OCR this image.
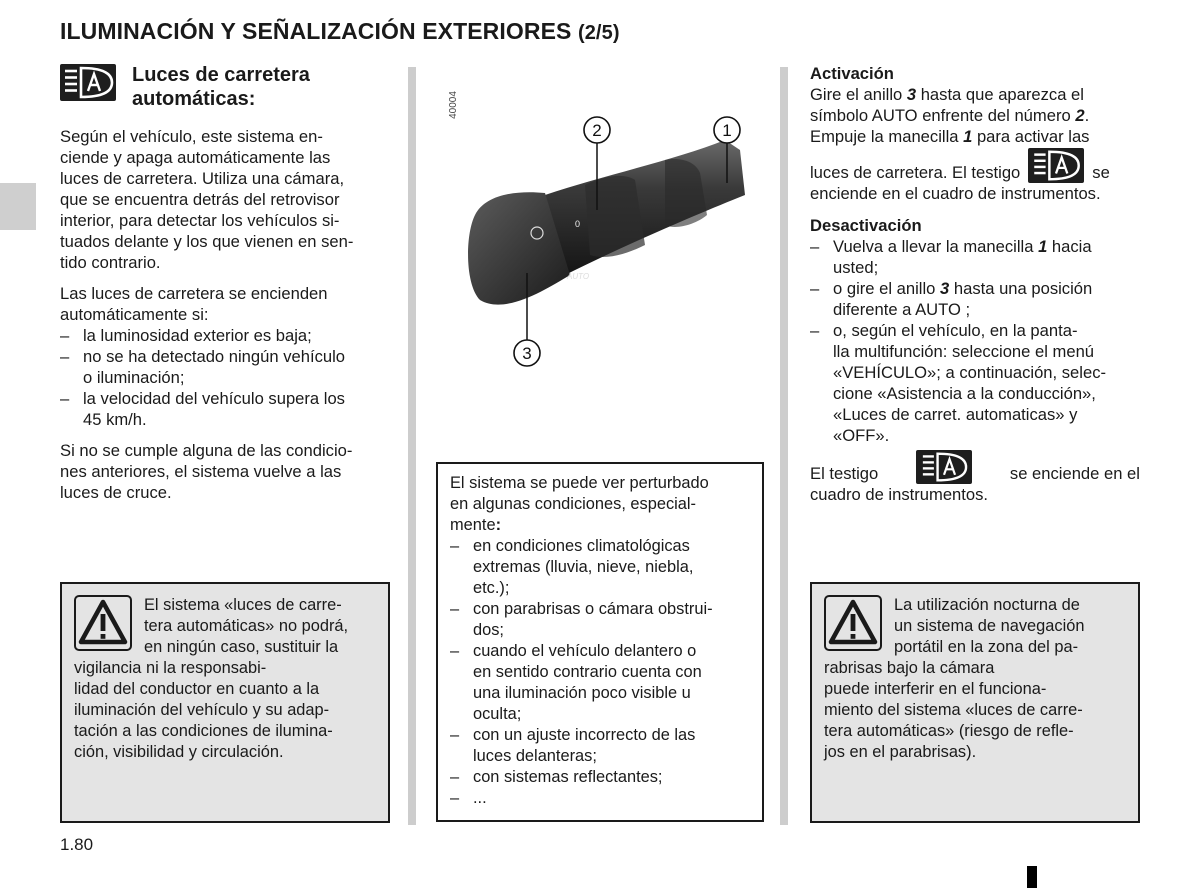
ILUMINACIÓN Y SEÑALIZACIÓN EXTERIORES (2/5)
Luces de carretera
automáticas:
Según el vehículo, este sistema en-
ciende y apaga automáticamente las
luces de carretera. Utiliza una cámara,
que se encuentra detrás del retrovisor
interior, para detectar los vehículos si-
tuados delante y los que vienen en sen-
tido contrario.
Las luces de carretera se encienden
automáticamente si:
– la luminosidad exterior es baja;
– no se ha detectado ningún vehículo
o iluminación;
– la velocidad del vehículo supera los
45 km/h.
Si no se cumple alguna de las condicio-
nes anteriores, el sistema vuelve a las
luces de cruce.
El sistema «luces de carre-
tera automáticas» no podrá,
en ningún caso, sustituir la
vigilancia ni la responsabi-
lidad del conductor en cuanto a la
iluminación del vehículo y su adap-
tación a las condiciones de ilumina-
ción, visibilidad y circulación.
40004
0
AUTO
2	1
3
El sistema se puede ver perturbado
en algunas condiciones, especial-
mente:
– en condiciones climatológicas
extremas (lluvia, nieve, niebla,
etc.);
– con parabrisas o cámara obstrui-
dos;
– cuando el vehículo delantero o
en sentido contrario cuenta con
una iluminación poco visible u
oculta;
– con un ajuste incorrecto de las
luces delanteras;
– con sistemas reflectantes;
– ...
Activación
Gire el anillo 3 hasta que aparezca el
símbolo AUTO enfrente del número 2.
Empuje la manecilla 1 para activar las
luces de carretera. El testigo	se
enciende en el cuadro de instrumentos.
Desactivación
– Vuelva a llevar la manecilla 1 hacia
usted;
– o gire el anillo 3 hasta una posición
diferente a AUTO ;
– o, según el vehículo, en la panta-
lla multifunción: seleccione el menú
«VEHÍCULO»; a continuación, selec-
cione «Asistencia a la conducción»,
«Luces de carret. automaticas» y
«OFF».
El testigo	se enciende en el
cuadro de instrumentos.
La utilización nocturna de
un sistema de navegación
portátil en la zona del pa-
rabrisas bajo la cámara
puede interferir en el funciona-
miento del sistema «luces de carre-
tera automáticas» (riesgo de refle-
jos en el parabrisas).
1.80
